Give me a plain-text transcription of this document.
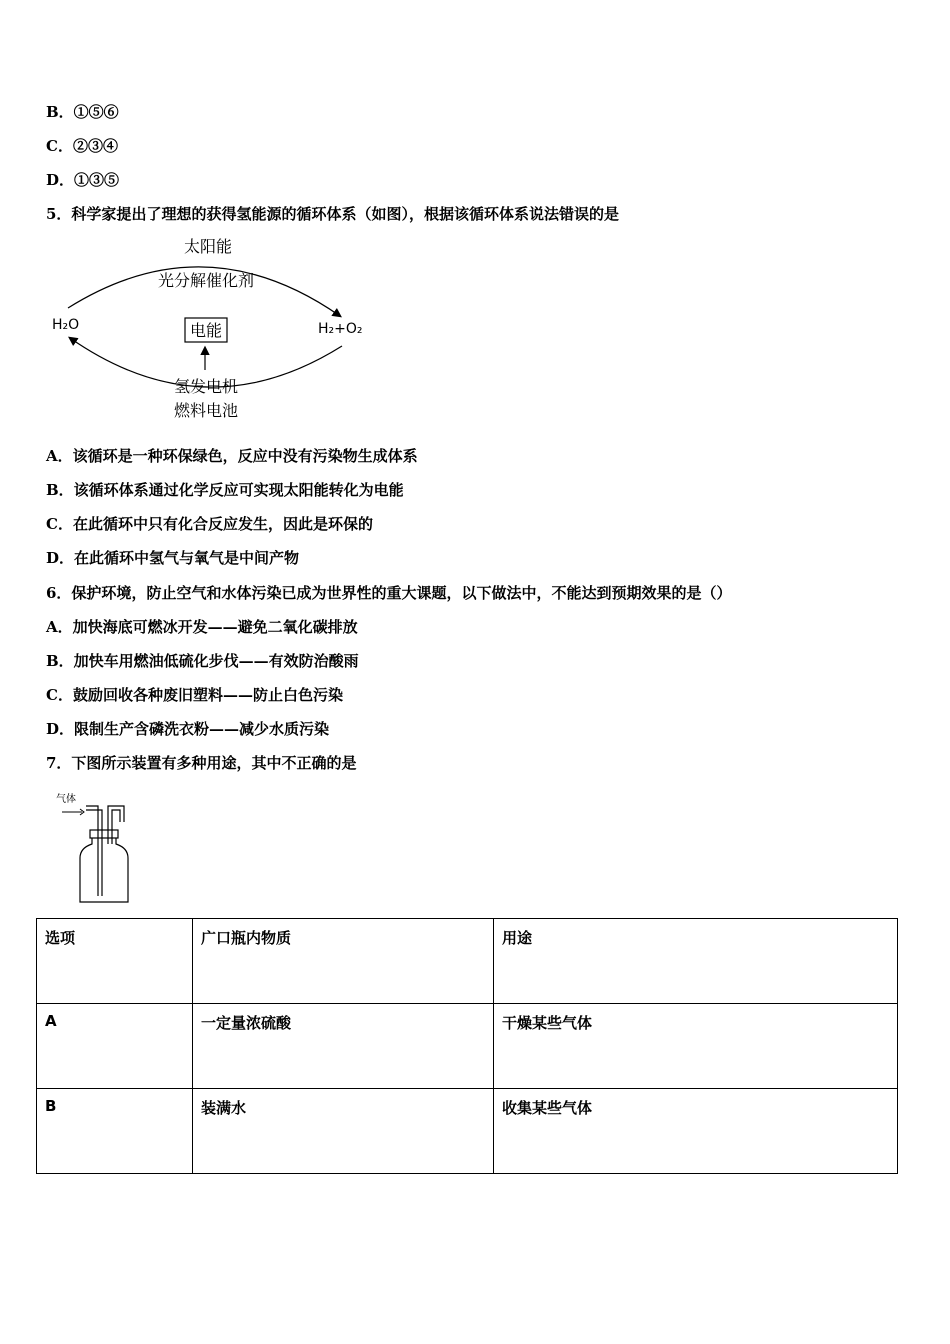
B．①⑤⑥
C．②③④
D．①③⑤
5．科学家提出了理想的获得氢能源的循环体系（如图），根据该循环体系说法错误的是
太阳能
光分解催化剂
H₂O	电能	H₂+O₂
氢发电机
燃料电池
A．该循环是一种环保绿色，反应中没有污染物生成体系
B．该循环体系通过化学反应可实现太阳能转化为电能
C．在此循环中只有化合反应发生，因此是环保的
D．在此循环中氢气与氧气是中间产物
6．保护环境，防止空气和水体污染已成为世界性的重大课题，以下做法中，不能达到预期效果的是（）
A．加快海底可燃冰开发——避免二氧化碳排放
B．加快车用燃油低硫化步伐——有效防治酸雨
C．鼓励回收各种废旧塑料——防止白色污染
D．限制生产含磷洗衣粉——减少水质污染
7．下图所示装置有多种用途，其中不正确的是
气体
选项	广口瓶内物质	用途
A	一定量浓硫酸	干燥某些气体
B	装满水	收集某些气体
